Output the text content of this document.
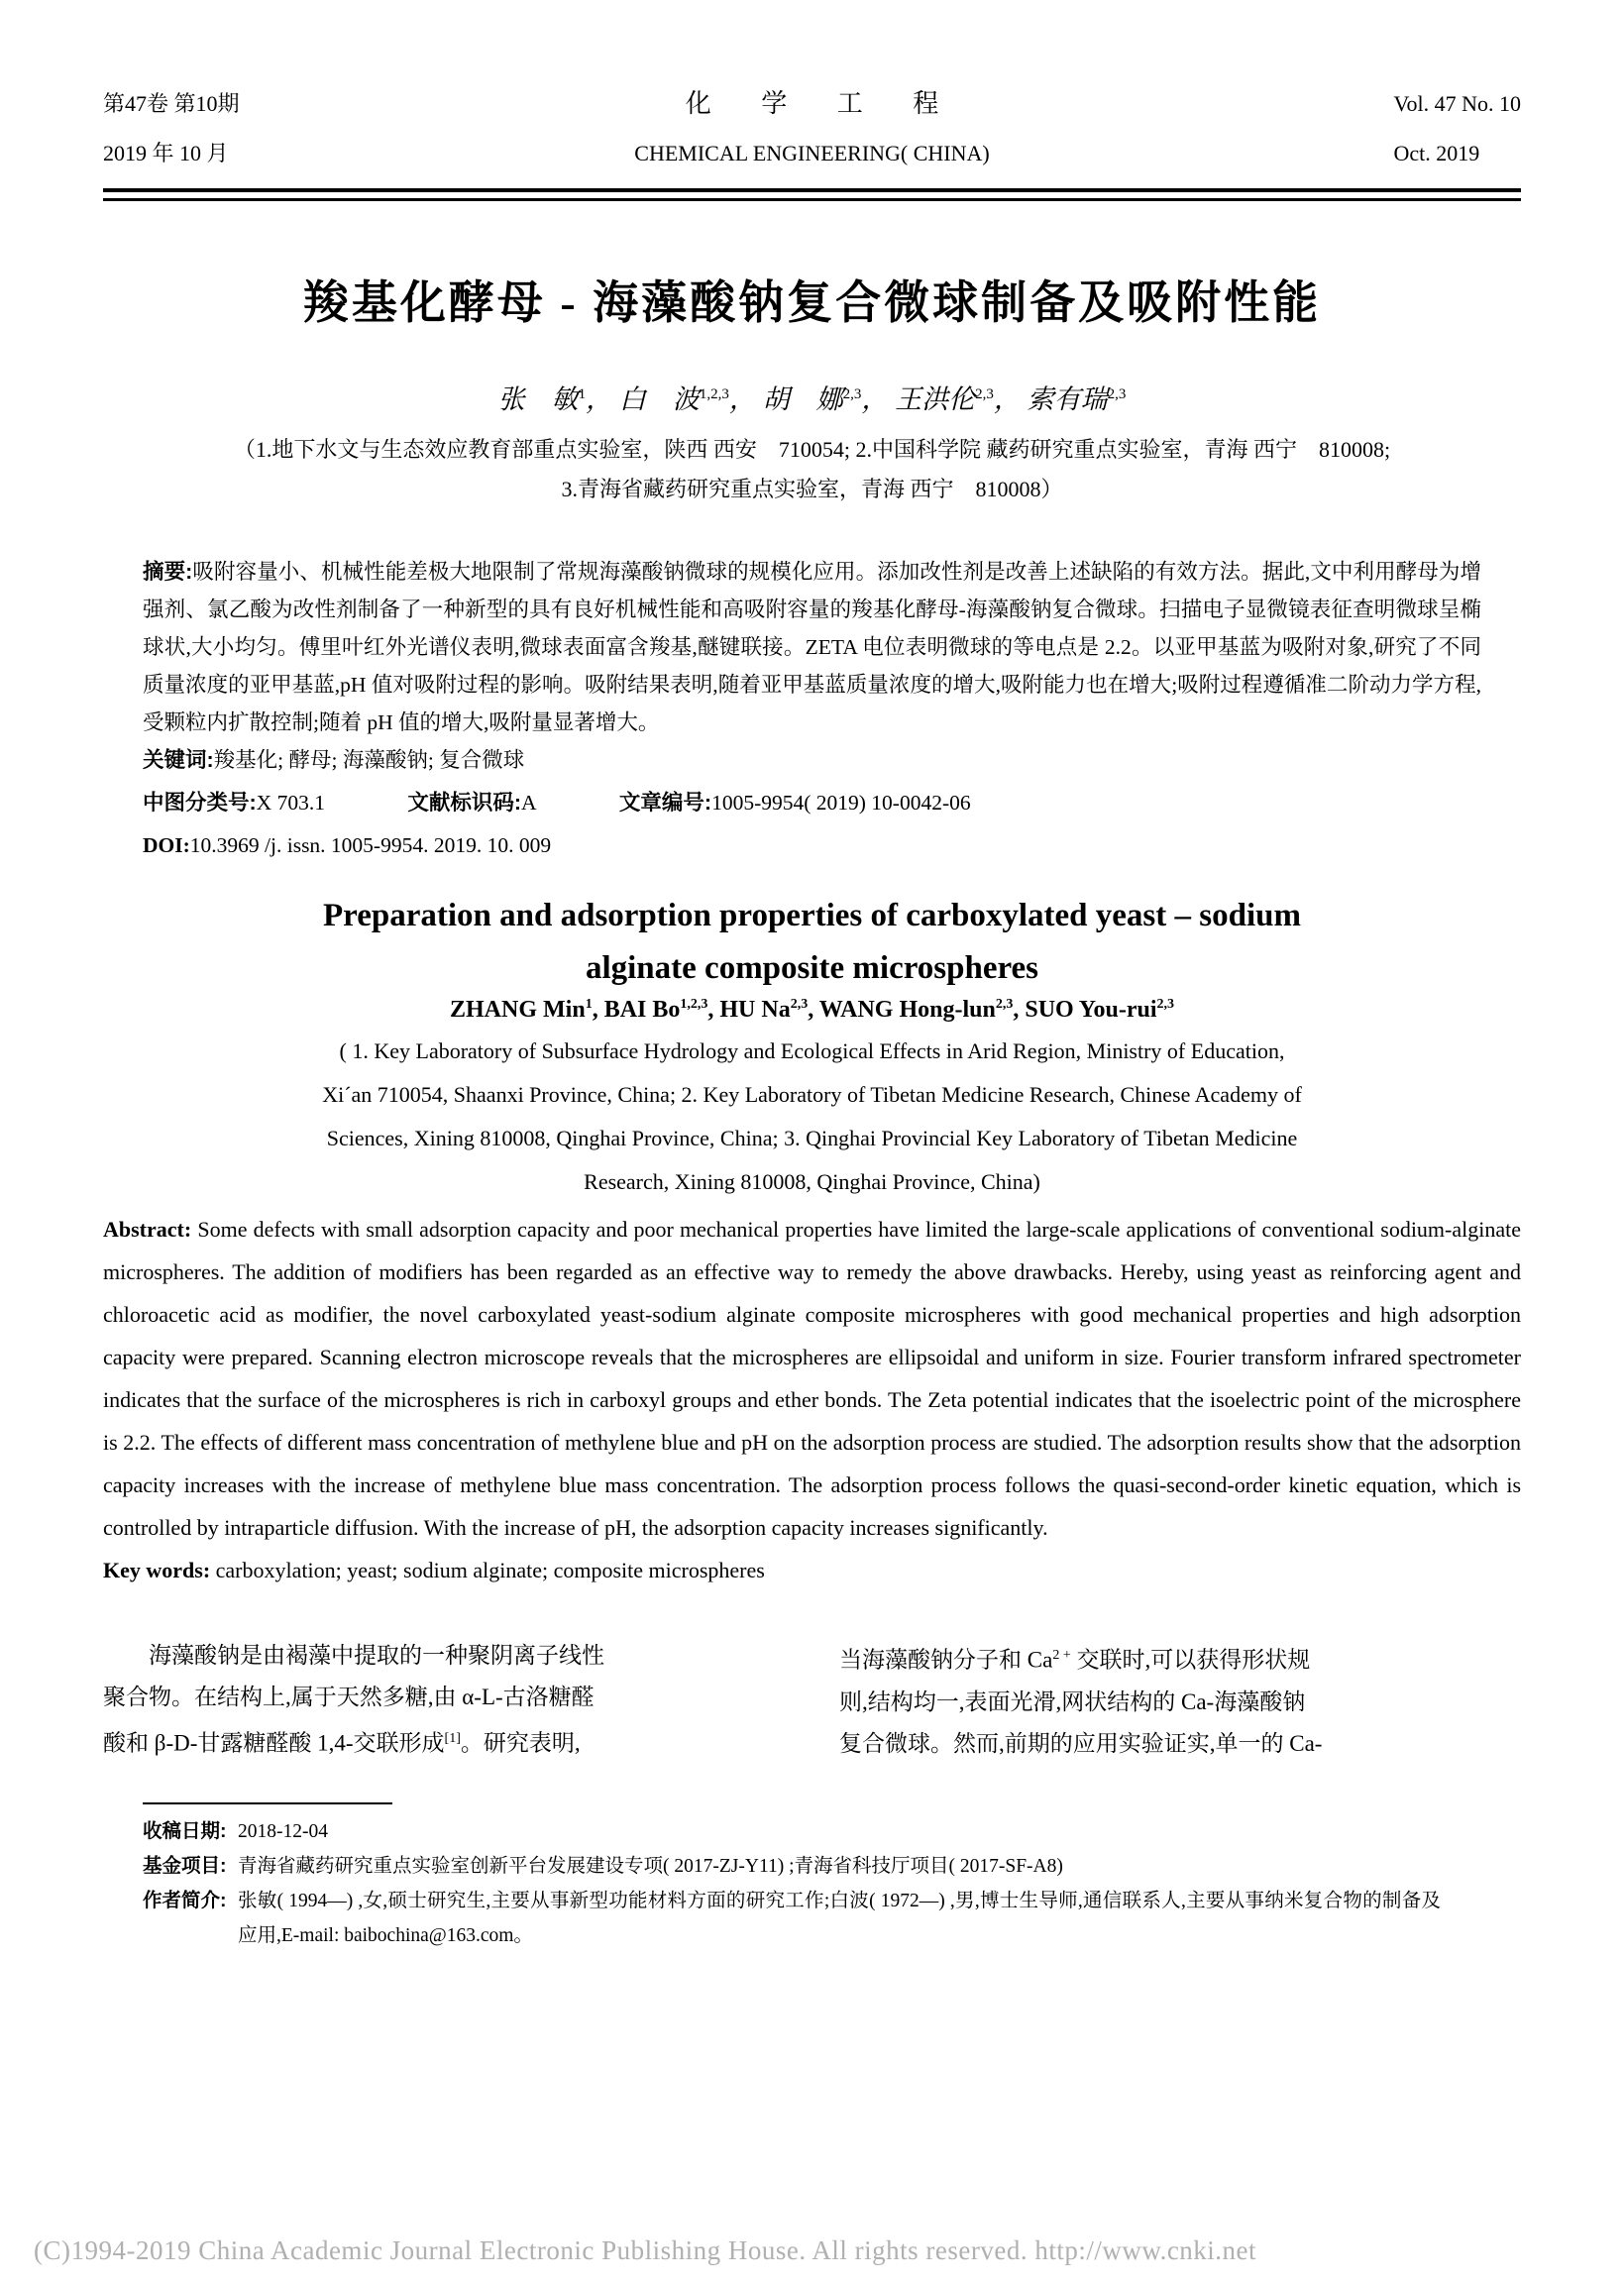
第47卷 第10期
2019 年 10 月
化 学 工 程
CHEMICAL ENGINEERING( CHINA)
Vol. 47 No. 10
Oct. 2019
羧基化酵母 - 海藻酸钠复合微球制备及吸附性能
张　敏$^1$， 白　波$^{1,2,3}$， 胡　娜$^{2,3}$， 王洪伦$^{2,3}$， 索有瑞$^{2,3}$
（1.地下水文与生态效应教育部重点实验室，陕西 西安　710054; 2.中国科学院 藏药研究重点实验室，青海 西宁　810008;
3.青海省藏药研究重点实验室，青海 西宁　810008）
摘要:吸附容量小、机械性能差极大地限制了常规海藻酸钠微球的规模化应用。添加改性剂是改善上述缺陷的有效方法。据此,文中利用酵母为增强剂、氯乙酸为改性剂制备了一种新型的具有良好机械性能和高吸附容量的羧基化酵母-海藻酸钠复合微球。扫描电子显微镜表征查明微球呈椭球状,大小均匀。傅里叶红外光谱仪表明,微球表面富含羧基,醚键联接。ZETA 电位表明微球的等电点是 2.2。以亚甲基蓝为吸附对象,研究了不同质量浓度的亚甲基蓝,pH 值对吸附过程的影响。吸附结果表明,随着亚甲基蓝质量浓度的增大,吸附能力也在增大;吸附过程遵循准二阶动力学方程,受颗粒内扩散控制;随着 pH 值的增大,吸附量显著增大。
关键词:羧基化; 酵母; 海藻酸钠; 复合微球
中图分类号:X 703.1	文献标识码:A	文章编号:1005-9954( 2019) 10-0042-06
DOI:10.3969 /j. issn. 1005-9954. 2019. 10. 009
Preparation and adsorption properties of carboxylated yeast – sodium
alginate composite microspheres
ZHANG Min$^1$, BAI Bo$^{1,2,3}$, HU Na$^{2,3}$, WANG Hong-lun$^{2,3}$, SUO You-rui$^{2,3}$
( 1. Key Laboratory of Subsurface Hydrology and Ecological Effects in Arid Region, Ministry of Education,
Xi´an 710054, Shaanxi Province, China; 2. Key Laboratory of Tibetan Medicine Research, Chinese Academy of
Sciences, Xining 810008, Qinghai Province, China; 3. Qinghai Provincial Key Laboratory of Tibetan Medicine
Research, Xining 810008, Qinghai Province, China)
Abstract: Some defects with small adsorption capacity and poor mechanical properties have limited the large-scale applications of conventional sodium-alginate microspheres. The addition of modifiers has been regarded as an effective way to remedy the above drawbacks. Hereby, using yeast as reinforcing agent and chloroacetic acid as modifier, the novel carboxylated yeast-sodium alginate composite microspheres with good mechanical properties and high adsorption capacity were prepared. Scanning electron microscope reveals that the microspheres are ellipsoidal and uniform in size. Fourier transform infrared spectrometer indicates that the surface of the microspheres is rich in carboxyl groups and ether bonds. The Zeta potential indicates that the isoelectric point of the microsphere is 2.2. The effects of different mass concentration of methylene blue and pH on the adsorption process are studied. The adsorption results show that the adsorption capacity increases with the increase of methylene blue mass concentration. The adsorption process follows the quasi-second-order kinetic equation, which is controlled by intraparticle diffusion. With the increase of pH, the adsorption capacity increases significantly.
Key words: carboxylation; yeast; sodium alginate; composite microspheres
海藻酸钠是由褐藻中提取的一种聚阴离子线性
聚合物。在结构上,属于天然多糖,由 α-L-古洛糖醛
酸和 β-D-甘露糖醛酸 1,4-交联形成[1]。研究表明,
当海藻酸钠分子和 $Ca^{2 +}$ 交联时,可以获得形状规
则,结构均一,表面光滑,网状结构的 Ca-海藻酸钠
复合微球。然而,前期的应用实验证实,单一的 Ca-
收稿日期: 2018-12-04
基金项目: 青海省藏药研究重点实验室创新平台发展建设专项( 2017-ZJ-Y11) ;青海省科技厅项目( 2017-SF-A8)
作者简介: 张敏( 1994—) ,女,硕士研究生,主要从事新型功能材料方面的研究工作;白波( 1972—) ,男,博士生导师,通信联系人,主要从事纳米复合物的制备及应用,E-mail: baibochina@163.com。
(C)1994-2019 China Academic Journal Electronic Publishing House. All rights reserved. http://www.cnki.net
